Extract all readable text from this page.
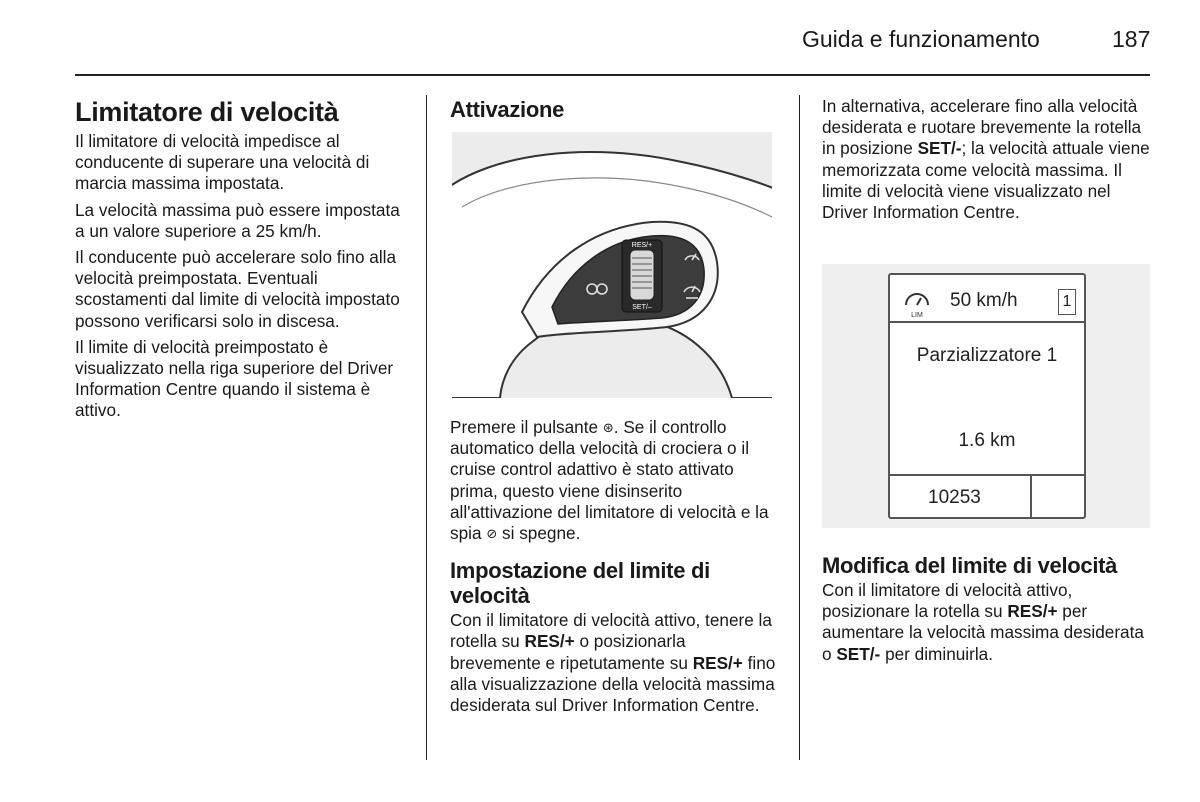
Guida e funzionamento	187
Limitatore di velocità

Il limitatore di velocità impedisce al conducente di superare una velocità di marcia massima impostata.

La velocità massima può essere impostata a un valore superiore a 25 km/h.

Il conducente può accelerare solo fino alla velocità preimpostata. Eventuali scostamenti dal limite di velocità impostato possono verificarsi solo in discesa.

Il limite di velocità preimpostato è visualizzato nella riga superiore del Driver Information Centre quando il sistema è attivo.

Attivazione
RES/+
SET/–

Premere il pulsante ⊛. Se il controllo automatico della velocità di crociera o il cruise control adattivo è stato attivato prima, questo viene disinserito all'attivazione del limitatore di velocità e la spia ⊘ si spegne.

Impostazione del limite di velocità

Con il limitatore di velocità attivo, tenere la rotella su RES/+ o posizionarla brevemente e ripetutamente su RES/+ fino alla visualizzazione della velocità massima desiderata sul Driver Information Centre.

In alternativa, accelerare fino alla velocità desiderata e ruotare brevemente la rotella in posizione SET/-; la velocità attuale viene memorizzata come velocità massima. Il limite di velocità viene visualizzato nel Driver Information Centre.

LIM
50 km/h	1
Parzializzatore 1
1.6 km
10253
Modifica del limite di velocità

Con il limitatore di velocità attivo, posizionare la rotella su RES/+ per aumentare la velocità massima desiderata o SET/- per diminuirla.
